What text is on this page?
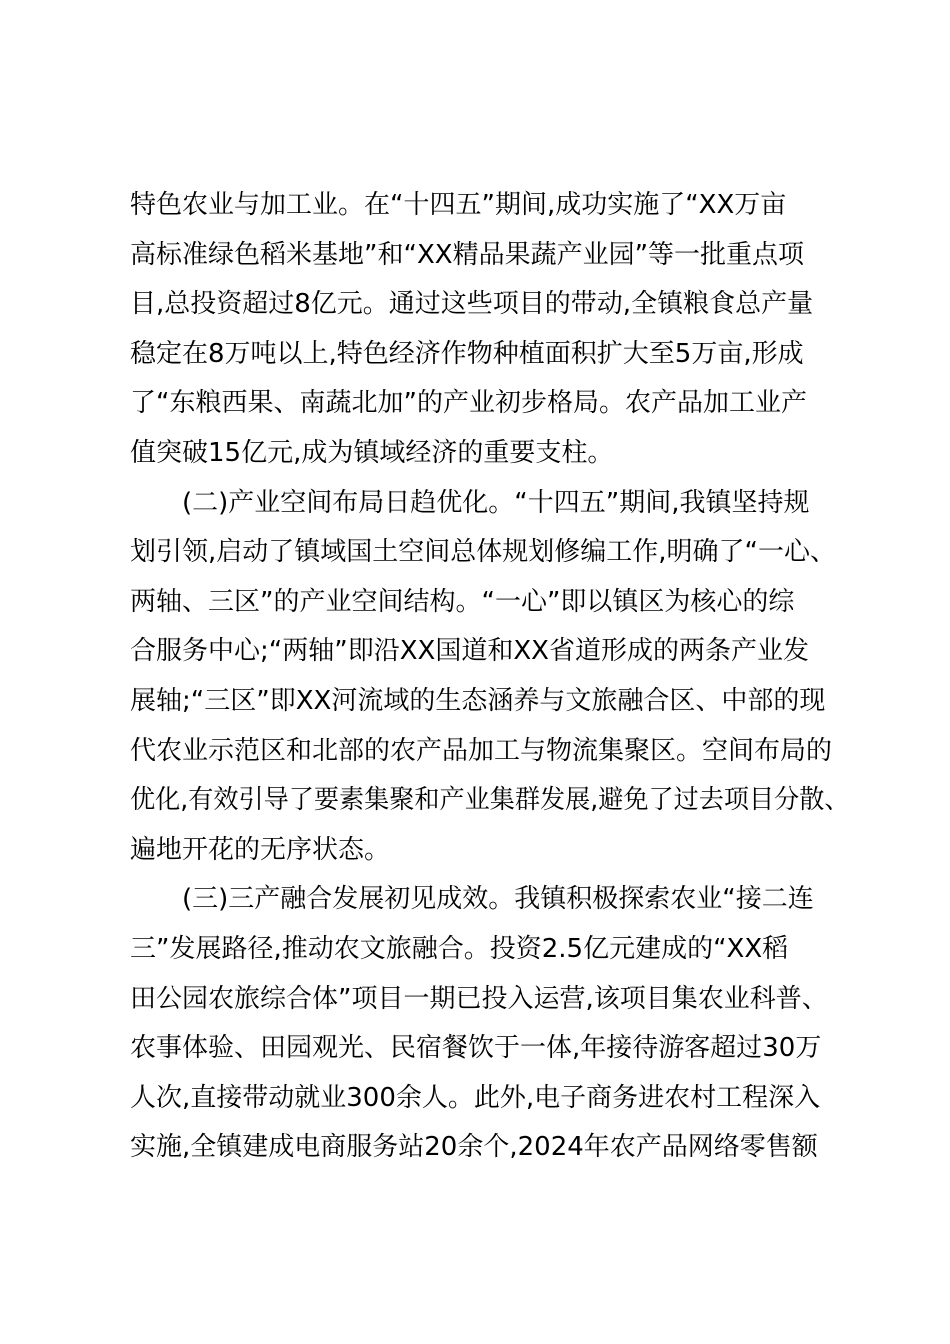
特色农业与加工业。在“十四五”期间,成功实施了“XX万亩
高标准绿色稻米基地”和“XX精品果蔬产业园”等一批重点项
目,总投资超过8亿元。通过这些项目的带动,全镇粮食总产量
稳定在8万吨以上,特色经济作物种植面积扩大至5万亩,形成
了“东粮西果、南蔬北加”的产业初步格局。农产品加工业产
值突破15亿元,成为镇域经济的重要支柱。
(二)产业空间布局日趋优化。“十四五”期间,我镇坚持规
划引领,启动了镇域国土空间总体规划修编工作,明确了“一心、
两轴、三区”的产业空间结构。“一心”即以镇区为核心的综
合服务中心;“两轴”即沿XX国道和XX省道形成的两条产业发
展轴;“三区”即XX河流域的生态涵养与文旅融合区、中部的现
代农业示范区和北部的农产品加工与物流集聚区。空间布局的
优化,有效引导了要素集聚和产业集群发展,避免了过去项目分散、
遍地开花的无序状态。
(三)三产融合发展初见成效。我镇积极探索农业“接二连
三”发展路径,推动农文旅融合。投资2.5亿元建成的“XX稻
田公园农旅综合体”项目一期已投入运营,该项目集农业科普、
农事体验、田园观光、民宿餐饮于一体,年接待游客超过30万
人次,直接带动就业300余人。此外,电子商务进农村工程深入
实施,全镇建成电商服务站20余个,2024年农产品网络零售额
